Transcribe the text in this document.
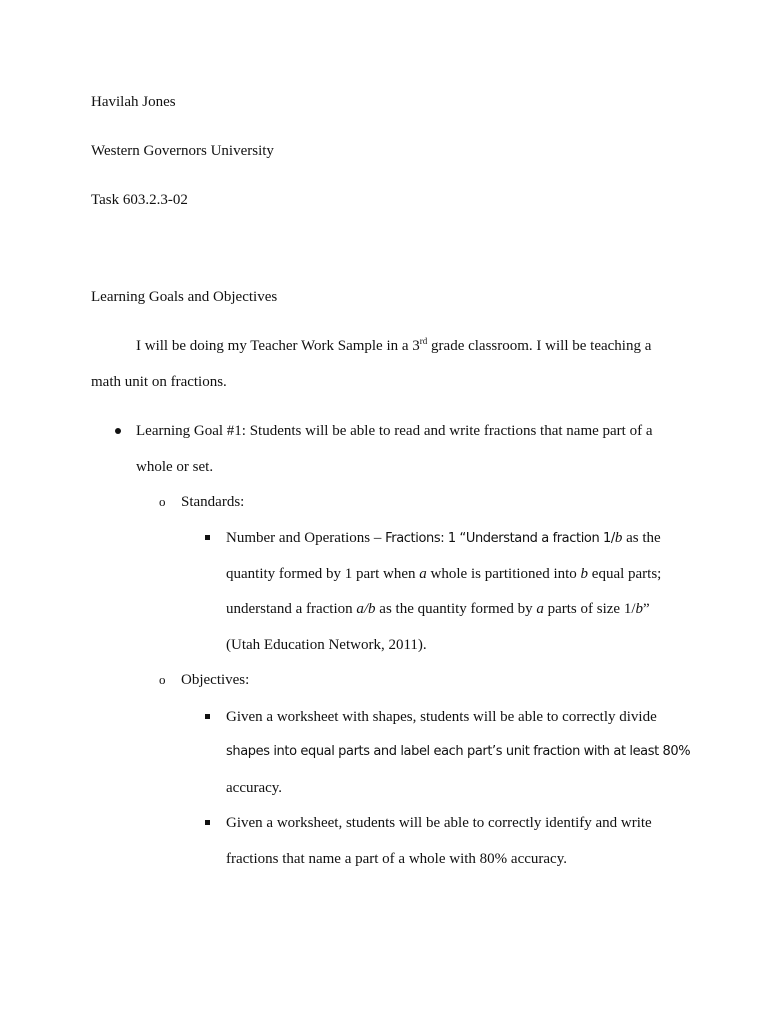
Havilah Jones
Western Governors University
Task 603.2.3-02
Learning Goals and Objectives
I will be doing my Teacher Work Sample in a 3rd grade classroom. I will be teaching a
math unit on fractions.
Learning Goal #1: Students will be able to read and write fractions that name part of a
whole or set.
o Standards:
Number and Operations – Fractions: 1 “Understand a fraction 1/b as the
quantity formed by 1 part when a whole is partitioned into b equal parts;
understand a fraction a/b as the quantity formed by a parts of size 1/b”
(Utah Education Network, 2011).
o Objectives:
Given a worksheet with shapes, students will be able to correctly divide
shapes into equal parts and label each part’s unit fraction with at least 80%
accuracy.
Given a worksheet, students will be able to correctly identify and write
fractions that name a part of a whole with 80% accuracy.
